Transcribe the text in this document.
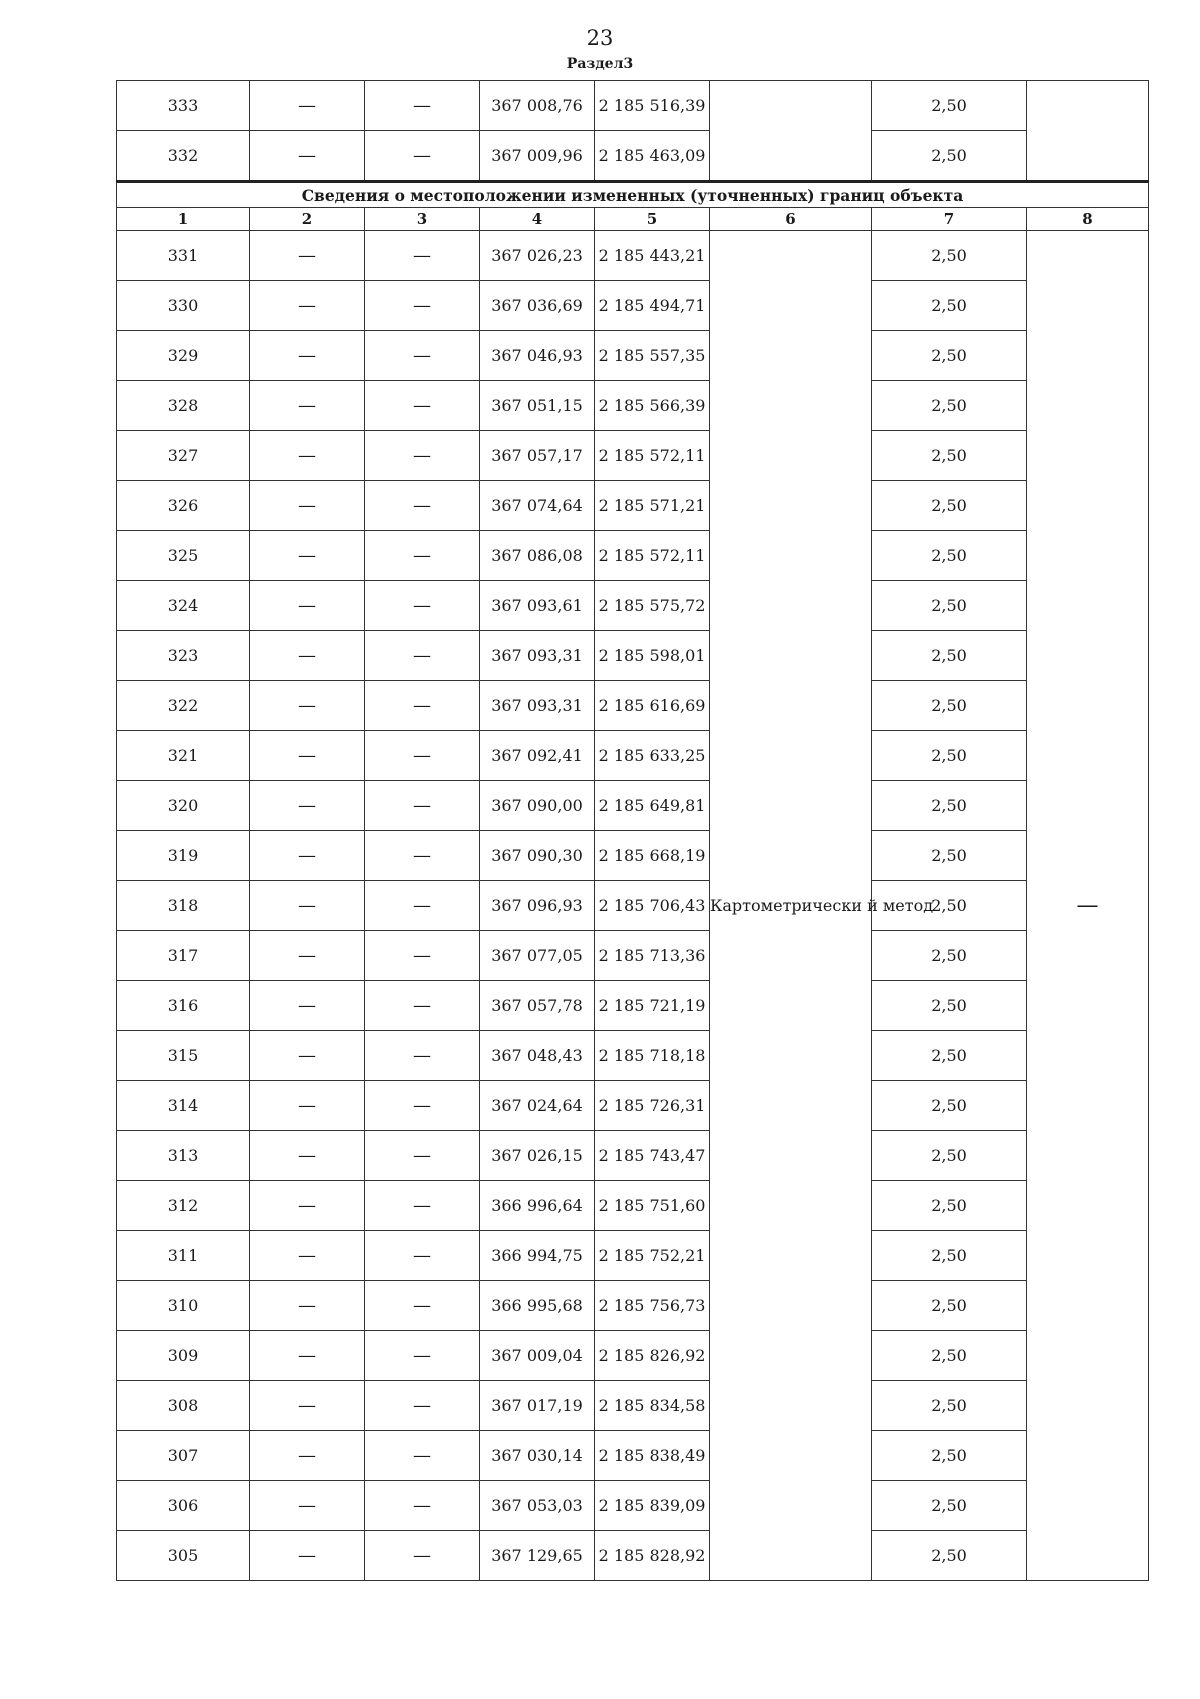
23
Раздел3
333	—	—	367 008,76	2 185 516,39		2,50	
332	—	—	367 009,96	2 185 463,09		2,50	
Сведения о местоположении измененных (уточненных) границ объекта							
1	2	3	4	5	6	7	8
331	—	—	367 026,23	2 185 443,21	Картометрически й метод	2,50	—
330	—	—	367 036,69	2 185 494,71		2,50	
329	—	—	367 046,93	2 185 557,35		2,50	
328	—	—	367 051,15	2 185 566,39		2,50	
327	—	—	367 057,17	2 185 572,11		2,50	
326	—	—	367 074,64	2 185 571,21		2,50	
325	—	—	367 086,08	2 185 572,11		2,50	
324	—	—	367 093,61	2 185 575,72		2,50	
323	—	—	367 093,31	2 185 598,01		2,50	
322	—	—	367 093,31	2 185 616,69		2,50	
321	—	—	367 092,41	2 185 633,25		2,50	
320	—	—	367 090,00	2 185 649,81		2,50	
319	—	—	367 090,30	2 185 668,19		2,50	
318	—	—	367 096,93	2 185 706,43		2,50	
317	—	—	367 077,05	2 185 713,36		2,50	
316	—	—	367 057,78	2 185 721,19		2,50	
315	—	—	367 048,43	2 185 718,18		2,50	
314	—	—	367 024,64	2 185 726,31		2,50	
313	—	—	367 026,15	2 185 743,47		2,50	
312	—	—	366 996,64	2 185 751,60		2,50	
311	—	—	366 994,75	2 185 752,21		2,50	
310	—	—	366 995,68	2 185 756,73		2,50	
309	—	—	367 009,04	2 185 826,92		2,50	
308	—	—	367 017,19	2 185 834,58		2,50	
307	—	—	367 030,14	2 185 838,49		2,50	
306	—	—	367 053,03	2 185 839,09		2,50	
305	—	—	367 129,65	2 185 828,92		2,50	
